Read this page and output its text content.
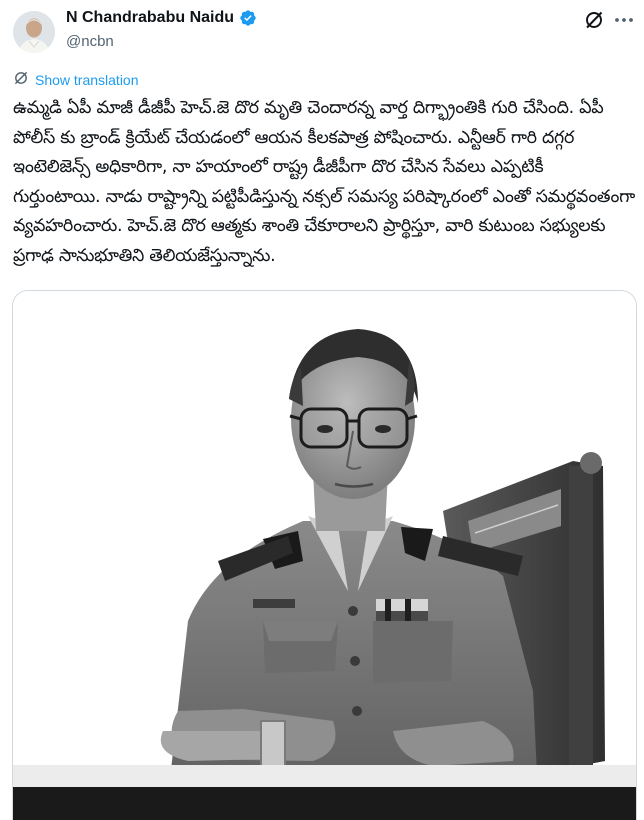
N Chandrababu Naidu
@ncbn
Show translation
ఉమ్మడి ఏపీ మాజీ డీజీపీ హెచ్.జె దొర మృతి చెందారన్న వార్త దిగ్భ్రాంతికి గురి చేసింది. ఏపీ పోలీస్ కు బ్రాండ్ క్రియేట్ చేయడంలో ఆయన కీలకపాత్ర పోషించారు. ఎన్టీఆర్ గారి దగ్గర ఇంటెలిజెన్స్ అధికారిగా, నా హయాంలో రాష్ట్ర డీజీపీగా దొర చేసిన సేవలు ఎప్పటికీ గుర్తుంటాయి. నాడు రాష్ట్రాన్ని పట్టిపీడిస్తున్న నక్సల్ సమస్య పరిష్కారంలో ఎంతో సమర్థవంతంగా వ్యవహరించారు. హెచ్.జె దొర ఆత్మకు శాంతి చేకూరాలని ప్రార్థిస్తూ, వారి కుటుంబ సభ్యులకు ప్రగాఢ సానుభూతిని తెలియజేస్తున్నాను.
